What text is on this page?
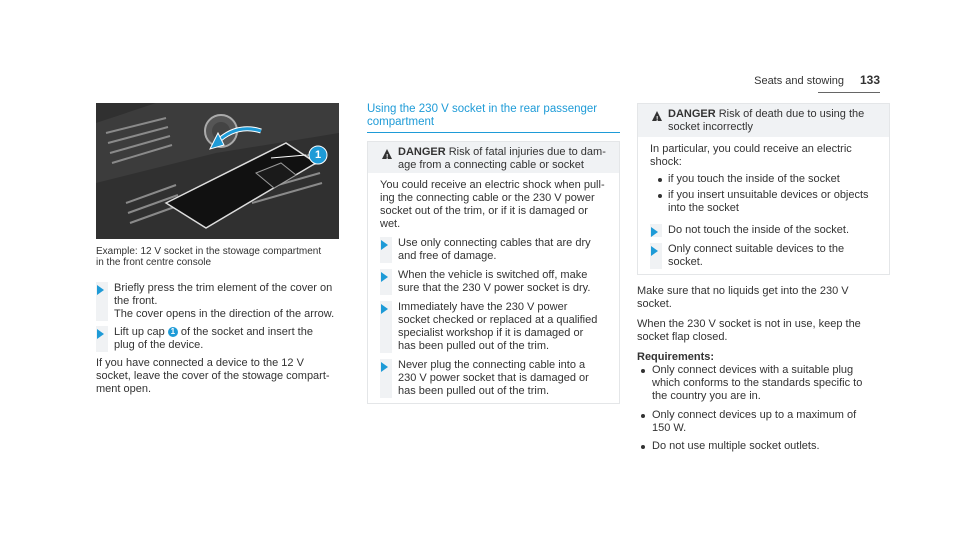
Seats and stowing 133
1
Example: 12 V socket in the stowage compartment
in the front centre console
Briefly press the trim element of the cover on
the front.
The cover opens in the direction of the arrow.
Lift up cap 1 of the socket and insert the
plug of the device.
If you have connected a device to the 12 V
socket, leave the cover of the stowage compart-
ment open.
Using the 230 V socket in the rear passenger
compartment
! DANGER Risk of fatal injuries due to dam-
age from a connecting cable or socket
You could receive an electric shock when pull-
ing the connecting cable or the 230 V power
socket out of the trim, or if it is damaged or
wet.
Use only connecting cables that are dry
and free of damage.
When the vehicle is switched off, make
sure that the 230 V power socket is dry.
Immediately have the 230 V power
socket checked or replaced at a qualified
specialist workshop if it is damaged or
has been pulled out of the trim.
Never plug the connecting cable into a
230 V power socket that is damaged or
has been pulled out of the trim.
! DANGER Risk of death due to using the
socket incorrectly
In particular, you could receive an electric
shock:
if you touch the inside of the socket
if you insert unsuitable devices or objects
into the socket
Do not touch the inside of the socket.
Only connect suitable devices to the
socket.
Make sure that no liquids get into the 230 V
socket.
When the 230 V socket is not in use, keep the
socket flap closed.
Requirements:
Only connect devices with a suitable plug
which conforms to the standards specific to
the country you are in.
Only connect devices up to a maximum of
150 W.
Do not use multiple socket outlets.
